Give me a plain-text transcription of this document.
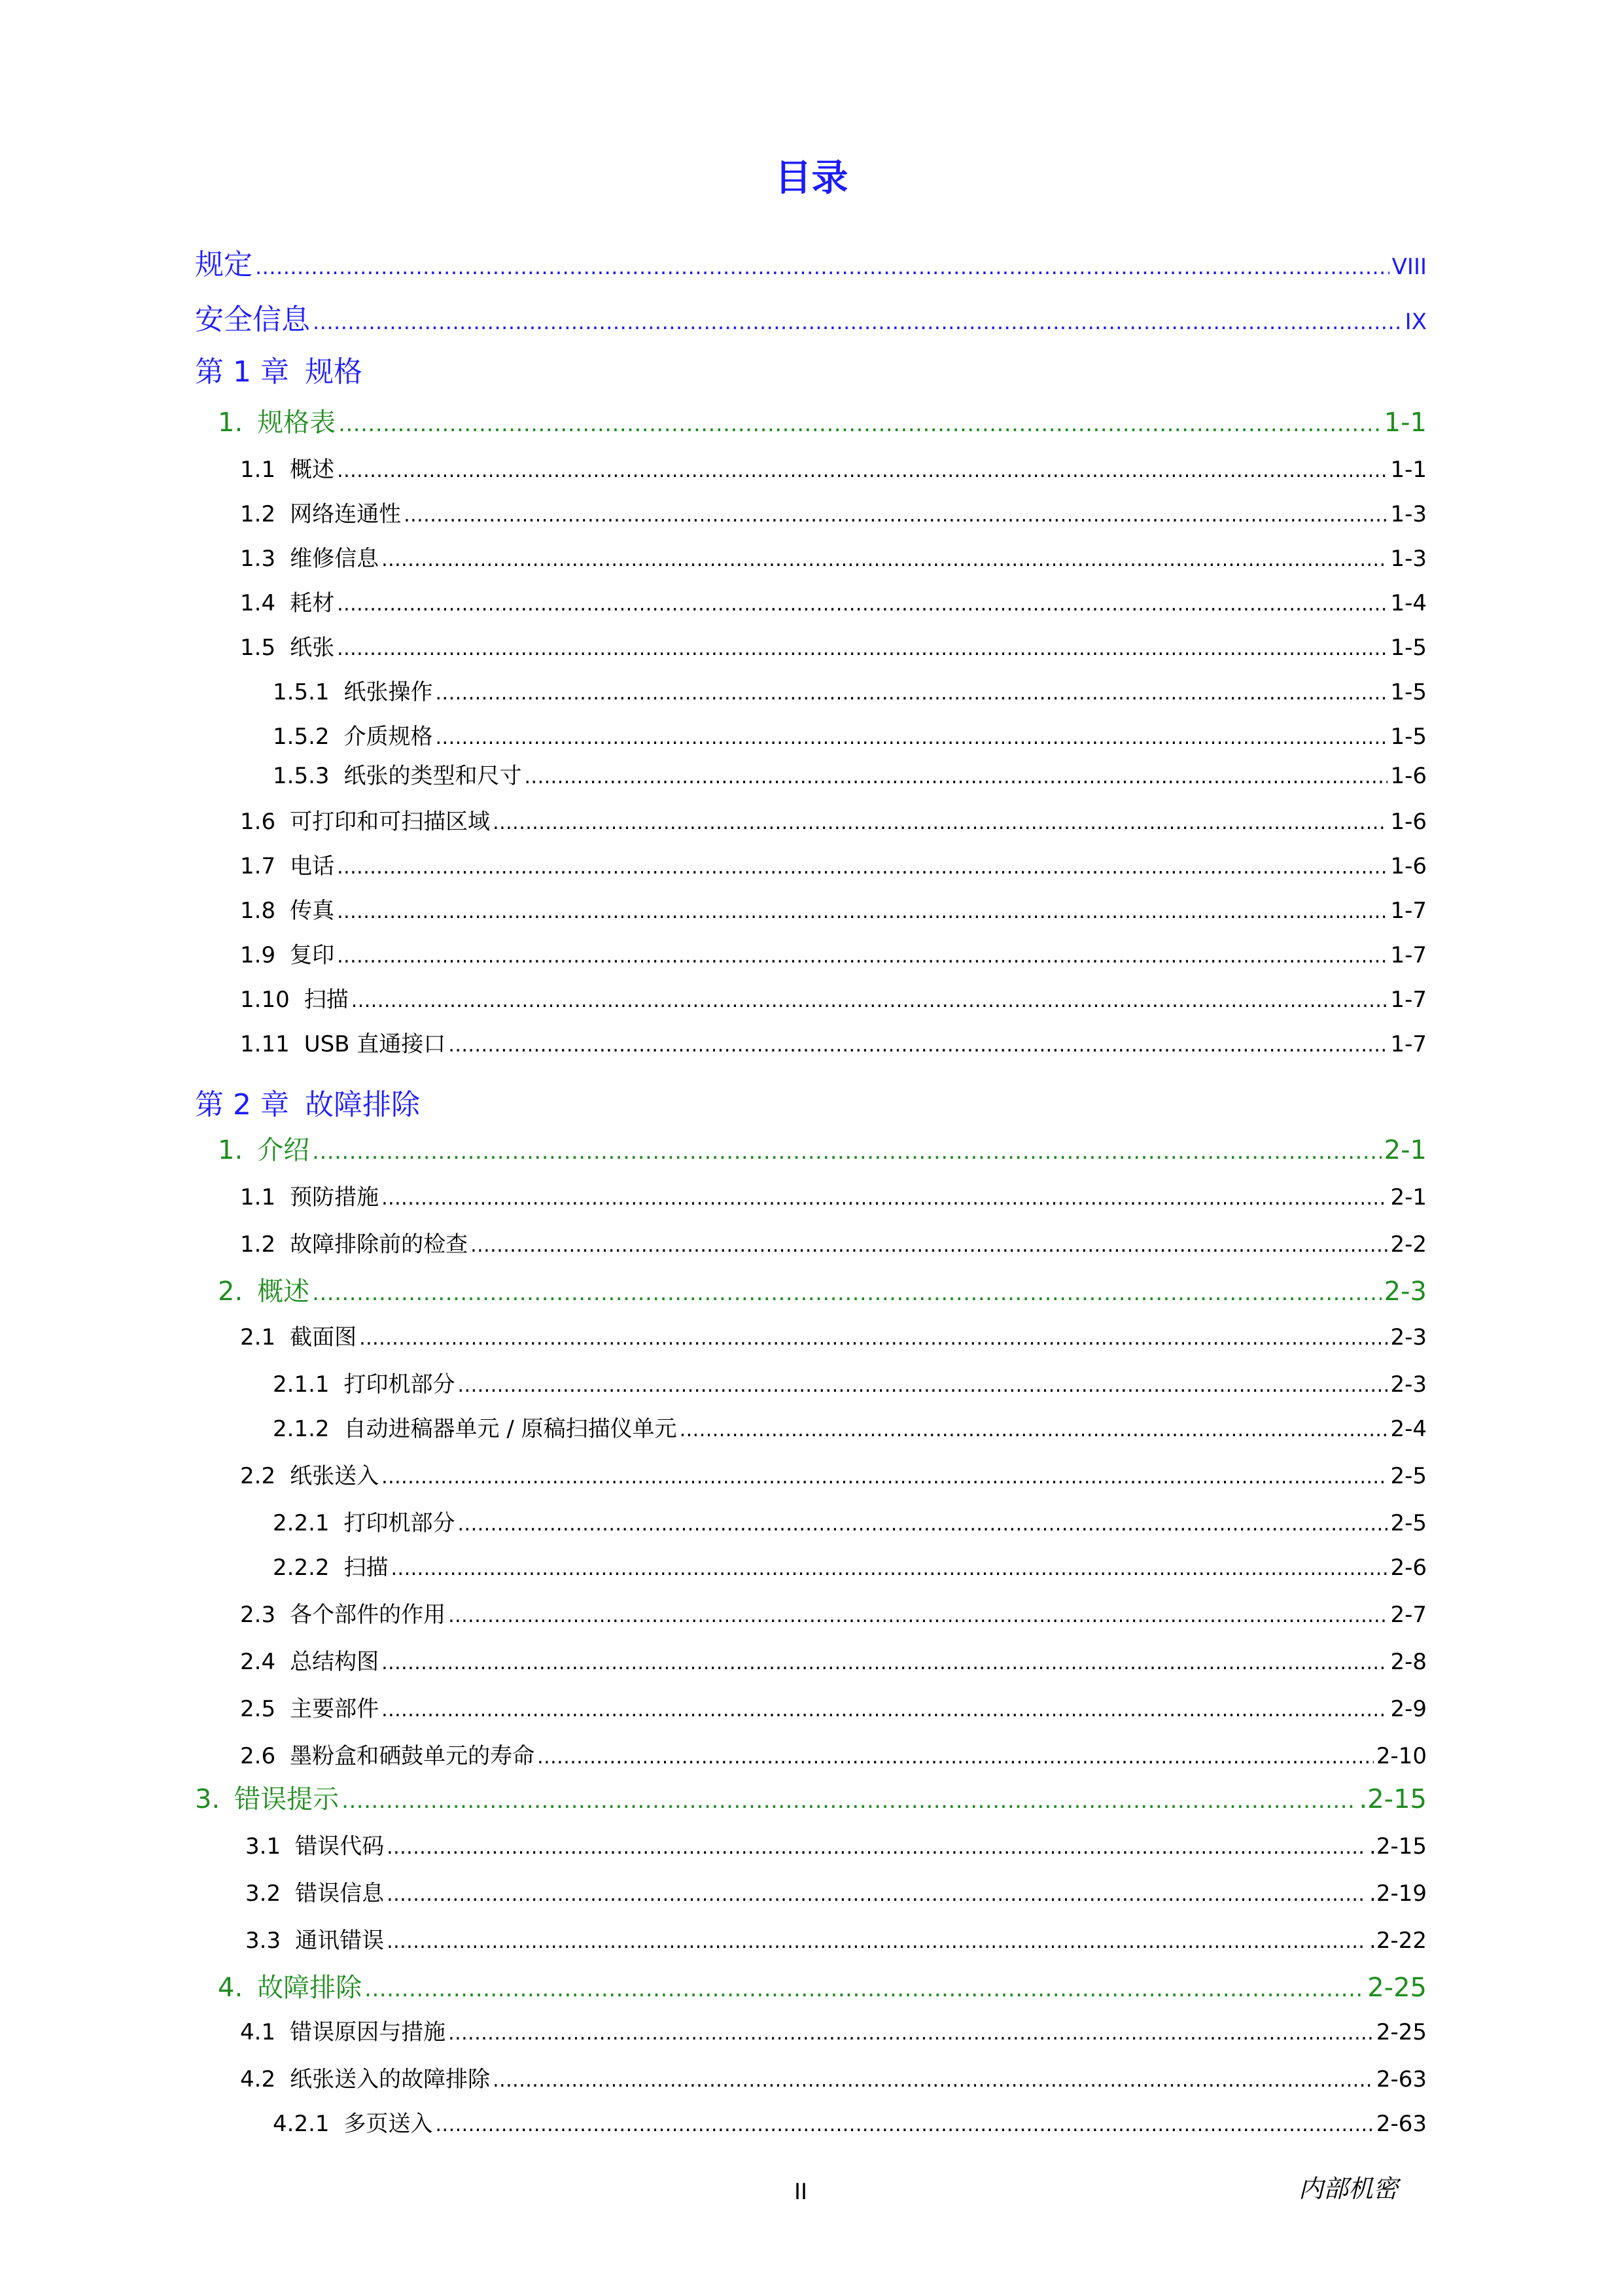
目录
规定 .....	VIII
安全信息 .....	IX
第 1 章 规格
1. 规格表 .....	1-1
1.1 概述 .....	1-1
1.2 网络连通性 .....	1-3
1.3 维修信息 .....	1-3
1.4 耗材 .....	1-4
1.5 纸张 .....	1-5
1.5.1 纸张操作 .....	1-5
1.5.2 介质规格 .....	1-5
1.5.3 纸张的类型和尺寸 .....	1-6
1.6 可打印和可扫描区域 .....	1-6
1.7 电话 .....	1-6
1.8 传真 .....	1-7
1.9 复印 .....	1-7
1.10 扫描 .....	1-7
1.11 USB 直通接口 .....	1-7
第 2 章 故障排除
1. 介绍 .....	2-1
1.1 预防措施 .....	2-1
1.2 故障排除前的检查 .....	2-2
2. 概述 .....	2-3
2.1 截面图 .....	2-3
2.1.1 打印机部分 .....	2-3
2.1.2 自动进稿器单元 / 原稿扫描仪单元 .....	2-4
2.2 纸张送入 .....	2-5
2.2.1 打印机部分 .....	2-5
2.2.2 扫描 .....	2-6
2.3 各个部件的作用 .....	2-7
2.4 总结构图 .....	2-8
2.5 主要部件 .....	2-9
2.6 墨粉盒和硒鼓单元的寿命 .....	2-10
3. 错误提示 .....	.2-15
3.1 错误代码 .....	.2-15
3.2 错误信息 .....	.2-19
3.3 通讯错误 .....	.2-22
4. 故障排除 .....	2-25
4.1 错误原因与措施 .....	2-25
4.2 纸张送入的故障排除 .....	2-63
4.2.1 多页送入 .....	2-63
II	内部机密
